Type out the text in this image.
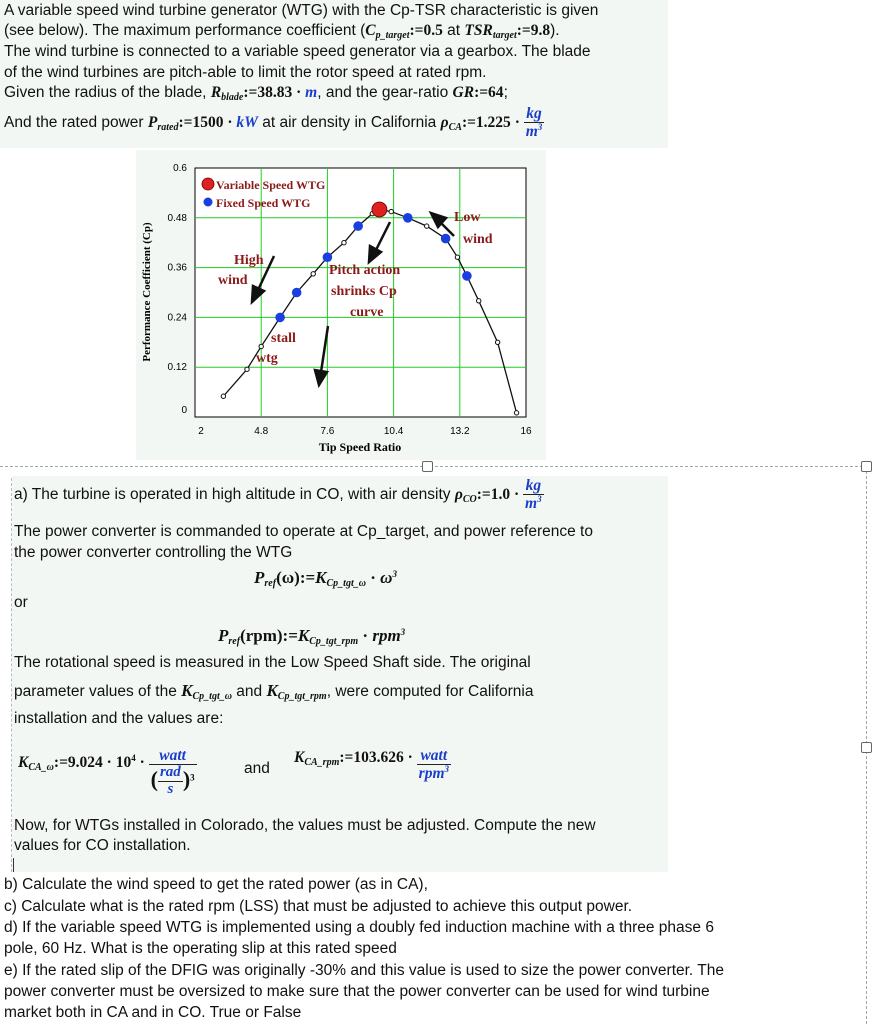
A variable speed wind turbine generator (WTG) with the Cp-TSR characteristic is given
(see below). The maximum performance coefficient ($C_{p\_target}:=0.5$ at $TSR_{target}:=9.8$).
The wind turbine is connected to a variable speed generator via a gearbox. The blade
of the wind turbines are pitch-able to limit the rotor speed at rated rpm.
Given the radius of the blade, $R_{blade}:=38.83 \cdot m$, and the gear-ratio GR:=64;
And the rated power $P_{rated}:=1500$ · kW at air density in California $\rho_{CA}:=1.225 \cdot \frac{kg}{m^3}$
2	4.8	7.6	10.4	13.2	16
0
0.12
0.24
0.36
0.48
0.6
Performance Coefficient (Cp)
Tip Speed Ratio
Variable Speed WTG
Fixed Speed WTG
High wind
stall wtg
Pitch action shrinks Cp curve
Low wind
a) The turbine is operated in high altitude in CO, with air density $\rho_{CO}:=1.0 \cdot \frac{kg}{m^3}$
The power converter is commanded to operate at Cp_target, and power reference to
the power converter controlling the WTG
$P_{ref}(\omega):=K_{Cp\_tgt\_\omega} \cdot \omega^3$
or
$P_{ref}(rpm):=K_{Cp\_tgt\_rpm} \cdot rpm^3$
The rotational speed is measured in the Low Speed Shaft side. The original
parameter values of the $K_{Cp\_tgt\_\omega}$ and $K_{Cp\_tgt\_rpm}$, were computed for California
installation and the values are:
$K_{CA\_\omega}:=9.024 \cdot 10^4 \cdot \frac{\text{watt}}{( \frac{\text{rad}}{s} )^3}$	and
$K_{CA\_rpm}:=103.626 \cdot \frac{\text{watt}}{rpm^3}$
Now, for WTGs installed in Colorado, the values must be adjusted. Compute the new
values for CO installation.
b) Calculate the wind speed to get the rated power (as in CA),
c) Calculate what is the rated rpm (LSS) that must be adjusted to achieve this output power.
d) If the variable speed WTG is implemented using a doubly fed induction machine with a three phase 6
pole, 60 Hz. What is the operating slip at this rated speed
e) If the rated slip of the DFIG was originally -30% and this value is used to size the power converter. The
power converter must be oversized to make sure that the power converter can be used for wind turbine
market both in CA and in CO. True or False
